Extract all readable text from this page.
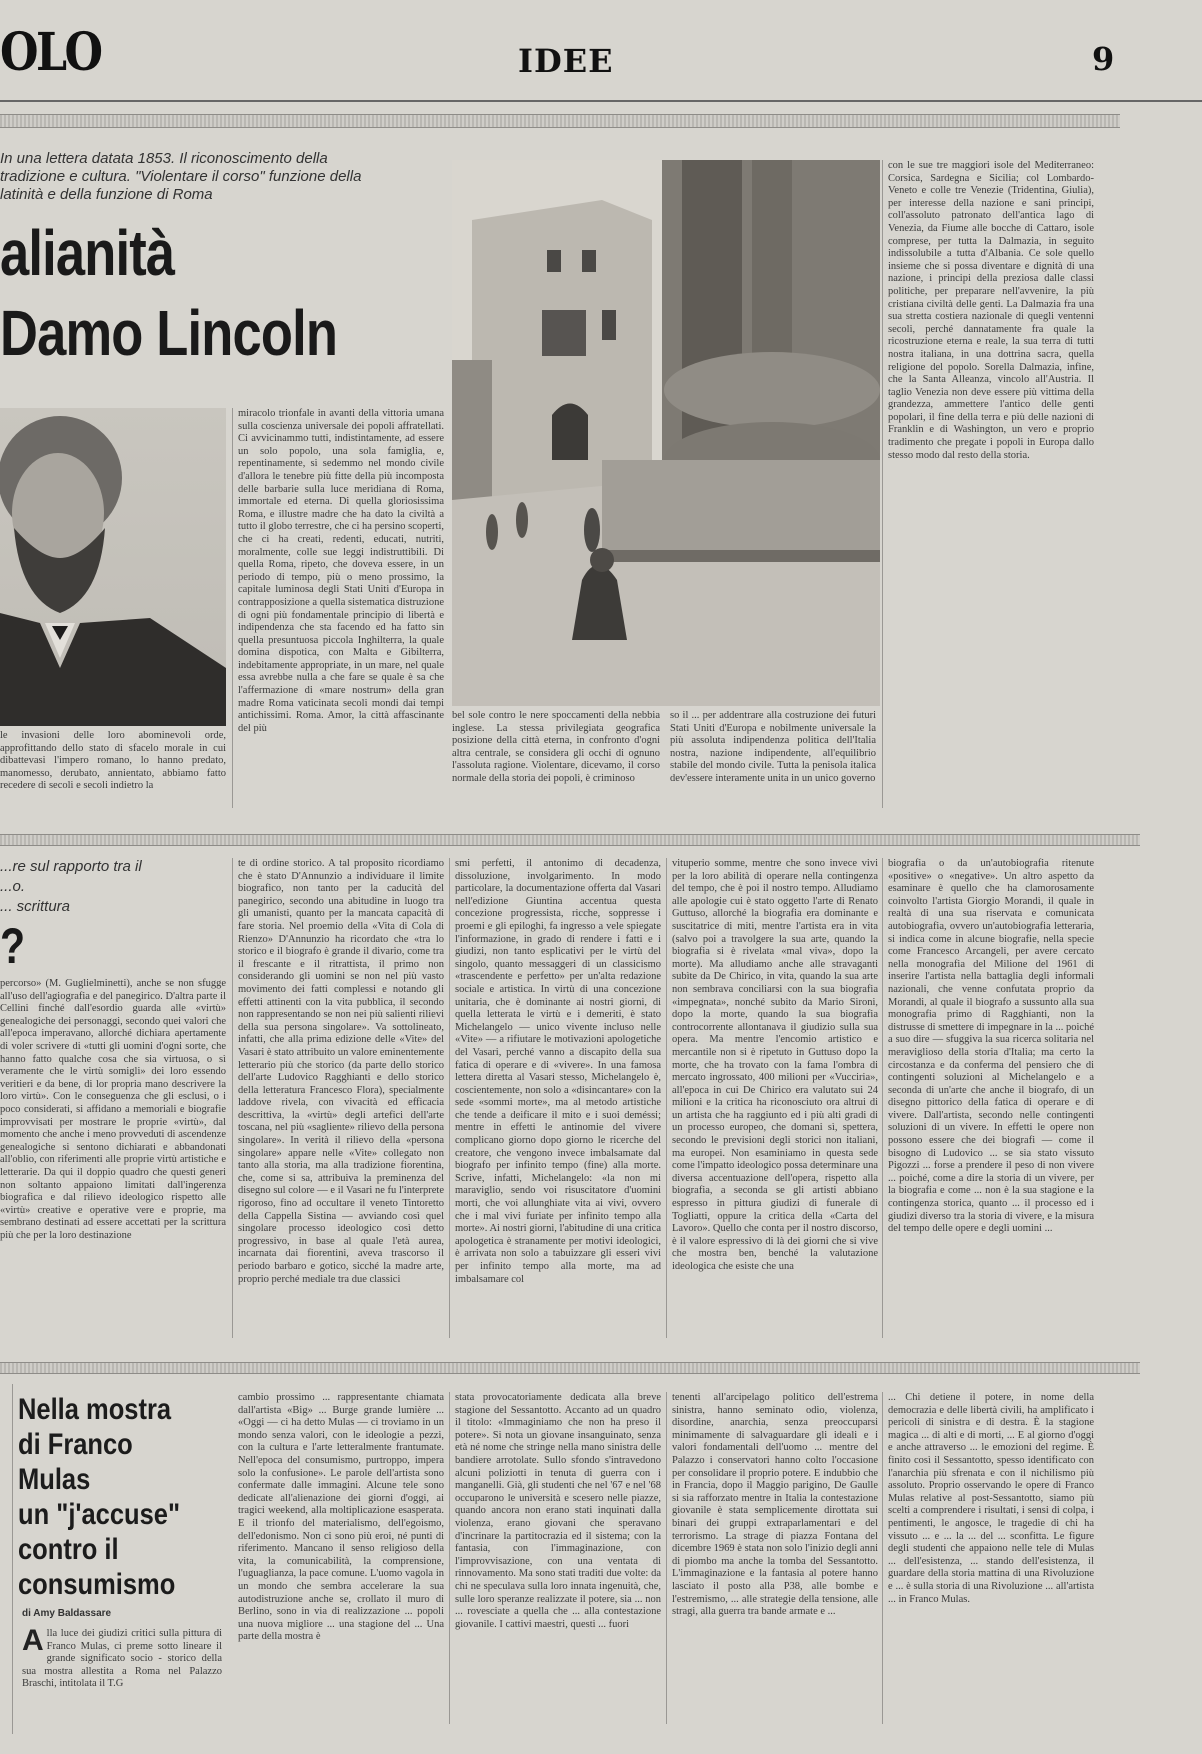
OLO	IDEE	9
In una lettera datata 1853. Il riconoscimento della tradizione e cultura. "Violentare il corso" funzione della latinità e della funzione di Roma
alianità
Damo Lincoln

le invasioni delle loro abominevoli orde, approfittando dello stato di sfacelo morale in cui dibattevasi l'impero romano, lo hanno predato, manomesso, derubato, annientato, abbiamo fatto recedere di secoli e secoli indietro la

miracolo trionfale in avanti della vittoria umana sulla coscienza universale dei popoli affratellati. Ci avvicinammo tutti, indistintamente, ad essere un solo popolo, una sola famiglia, e, repentinamente, si sedemmo nel mondo civile d'allora le tenebre più fitte della più incomposta delle barbarie sulla luce meridiana di Roma, immortale ed eterna. Di quella gloriosissima Roma, e illustre madre che ha dato la civiltà a tutto il globo terrestre, che ci ha persino scoperti, che ci ha creati, redenti, educati, nutriti, moralmente, colle sue leggi indistruttibili. Di quella Roma, ripeto, che doveva essere, in un periodo di tempo, più o meno prossimo, la capitale luminosa degli Stati Uniti d'Europa in contrapposizione a quella sistematica distruzione di ogni più fondamentale principio di libertà e indipendenza che sta facendo ed ha fatto sin quella presuntuosa piccola Inghilterra, la quale domina dispotica, con Malta e Gibilterra, indebitamente appropriate, in un mare, nel quale essa avrebbe nulla a che fare se quale è sa che l'affermazione di «mare nostrum» della gran madre Roma vaticinata secoli mondi dai tempi antichissimi. Roma. Amor, la città affascinante del più

bel sole contro le nere spoccamenti della nebbia inglese. La stessa privilegiata geografica posizione della città eterna, in confronto d'ogni altra centrale, se considera gli occhi di ognuno l'assoluta ragione. Violentare, dicevamo, il corso normale della storia dei popoli, è criminoso

so il ... per addentrare alla costruzione dei futuri Stati Uniti d'Europa e nobilmente universale la più assoluta indipendenza politica dell'Italia nostra, nazione indipendente, all'equilibrio stabile del mondo civile. Tutta la penisola italica dev'essere interamente unita in un unico governo

con le sue tre maggiori isole del Mediterraneo: Corsica, Sardegna e Sicilia; col Lombardo-Veneto e colle tre Venezie (Tridentina, Giulia), per interesse della nazione e sani principi, coll'assoluto patronato dell'antica lago di Venezia, da Fiume alle bocche di Cattaro, isole comprese, per tutta la Dalmazia, in seguito indissolubile a tutta d'Albania. Ce sole quello insieme che si possa diventare e dignità di una nazione, i principi della preziosa dalle classi politiche, per preparare nell'avvenire, la più cristiana civiltà delle genti. La Dalmazia fra una sua stretta costiera nazionale di quegli ventenni secoli, perché dannatamente fra quale la ricostruzione eterna e reale, la sua terra di tutti nostra italiana, in una dottrina sacra, quella religione del popolo. Sorella Dalmazia, infine, che la Santa Alleanza, vincolo all'Austria. Il taglio Venezia non deve essere più vittima della grandezza, ammettere l'antico delle genti popolari, il fine della terra e più delle nazioni di Franklin e di Washington, un vero e proprio tradimento che pregate i popoli in Europa dallo stesso modo dal resto della storia.

...re sul rapporto tra il
...o.
... scrittura
?

percorso» (M. Guglielminetti), anche se non sfugge all'uso dell'agiografia e del panegirico. D'altra parte il Cellini finché dall'esordio guarda alle «virtù» genealogiche dei personaggi, secondo quei valori che all'epoca imperavano, allorché dichiara apertamente di voler scrivere di «tutti gli uomini d'ogni sorte, che hanno fatto qualche cosa che sia virtuosa, o sì veramente che le virtù somigli» dei loro essendo veritieri e da bene, di lor propria mano descrivere la loro virtù». Con le conseguenza che gli esclusi, o i poco considerati, si affidano a memoriali e biografie improvvisati per mostrare le proprie «virtù», dal momento che anche i meno provveduti di ascendenze genealogiche si sentono dichiarati e abbandonati all'oblio, con riferimenti alle proprie virtù artistiche e letterarie. Da qui il doppio quadro che questi generi non soltanto appaiono limitati dall'ingerenza biografica e dal rilievo ideologico rispetto alle «virtù» creative e operative vere e proprie, ma sembrano destinati ad essere accettati per la scrittura più che per la loro destinazione

te di ordine storico. A tal proposito ricordiamo che è stato D'Annunzio a individuare il limite biografico, non tanto per la caducità del panegirico, secondo una abitudine in luogo tra gli umanisti, quanto per la mancata capacità di fare storia. Nel proemio della «Vita di Cola di Rienzo» D'Annunzio ha ricordato che «tra lo storico e il biografo è grande il divario, come tra il frescante e il ritrattista, il primo non considerando gli uomini se non nel più vasto movimento dei fatti complessi e notando gli effetti attinenti con la vita pubblica, il secondo non rappresentando se non nei più salienti rilievi della sua persona singolare». Va sottolineato, infatti, che alla prima edizione delle «Vite» del Vasari è stato attribuito un valore eminentemente letterario più che storico (da parte dello storico dell'arte Ludovico Ragghianti e dello storico della letteratura Francesco Flora), specialmente laddove rivela, con vivacità ed efficacia descrittiva, la «virtù» degli artefici dell'arte toscana, nel più «sagliente» rilievo della persona singolare». In verità il rilievo della «persona singolare» appare nelle «Vite» collegato non tanto alla storia, ma alla tradizione fiorentina, che, come si sa, attribuiva la preminenza del disegno sul colore — e il Vasari ne fu l'interprete rigoroso, fino ad occultare il veneto Tintoretto della Cappella Sistina — avviando così quel singolare processo ideologico così detto progressivo, in base al quale l'età aurea, incarnata dai fiorentini, aveva trascorso il periodo barbaro e gotico, sicché la madre arte, proprio perché mediale tra due classici

smi perfetti, il antonimo di decadenza, dissoluzione, involgarimento. In modo particolare, la documentazione offerta dal Vasari nell'edizione Giuntina accentua questa concezione progressista, ricche, soppresse i proemi e gli epiloghi, fa ingresso a vele spiegate l'informazione, in grado di rendere i fatti e i giudizi, non tanto esplicativi per le virtù del singolo, quanto messaggeri di un classicismo «trascendente e perfetto» per un'alta redazione sociale e artistica. In virtù di una concezione unitaria, che è dominante ai nostri giorni, di quella letterata le virtù e i demeriti, è stato Michelangelo — unico vivente incluso nelle «Vite» — a rifiutare le motivazioni apologetiche del Vasari, perché vanno a discapito della sua fatica di operare e di «vivere». In una famosa lettera diretta al Vasari stesso, Michelangelo è, coscientemente, non solo a «disincantare» con la sede «sommi morte», ma al metodo artistiche che tende a deificare il mito e i suoi deméssi; mentre in effetti le antinomie del vivere complicano giorno dopo giorno le ricerche del creatore, che vengono invece imbalsamate dal biografo per infinito tempo (fine) alla morte. Scrive, infatti, Michelangelo: «la non mi maraviglio, sendo voi risuscitatore d'uomini morti, che voi allunghiate vita ai vivi, ovvero che i mal vivi furiate per infinito tempo alla morte». Ai nostri giorni, l'abitudine di una critica apologetica è stranamente per motivi ideologici, è arrivata non solo a tabuizzare gli esseri vivi per infinito tempo alla morte, ma ad imbalsamare col

vituperio somme, mentre che sono invece vivi per la loro abilità di operare nella contingenza del tempo, che è poi il nostro tempo. Alludiamo alle apologie cui è stato oggetto l'arte di Renato Guttuso, allorché la biografia era dominante e suscitatrice di miti, mentre l'artista era in vita (salvo poi a travolgere la sua arte, quando la biografia si è rivelata «mal viva», dopo la morte). Ma alludiamo anche alle stravaganti subìte da De Chirico, in vita, quando la sua arte non sembrava conciliarsi con la sua biografia «impegnata», nonché subito da Mario Sironi, dopo la morte, quando la sua biografia controcorrente allontanava il giudizio sulla sua opera. Ma mentre l'encomio artistico e mercantile non si è ripetuto in Guttuso dopo la morte, che ha trovato con la fama l'ombra di mercato ingrossato, 400 milioni per «Vucciria», all'epoca in cui De Chirico era valutato sui 24 milioni e la critica ha riconosciuto ora altrui di un artista che ha raggiunto ed i più alti gradi di un processo europeo, che domani sì, spettera, secondo le previsioni degli storici non italiani, ma europei. Non esaminiamo in questa sede come l'impatto ideologico possa determinare una diversa accentuazione dell'opera, rispetto alla biografia, a seconda se gli artisti abbiano espresso in pittura giudizi di funerale di Togliatti, oppure la critica della «Carta del Lavoro». Quello che conta per il nostro discorso, è il valore espressivo di là dei giorni che si vive che mostra ben, benché la valutazione ideologica che esiste che una

biografia o da un'autobiografia ritenute «positive» o «negative». Un altro aspetto da esaminare è quello che ha clamorosamente coinvolto l'artista Giorgio Morandi, il quale in realtà di una sua riservata e comunicata autobiografia, ovvero un'autobiografia letteraria, si indica come in alcune biografie, nella specie come Francesco Arcangeli, per avere cercato nella monografia del Milione del 1961 di inserire l'artista nella battaglia degli informali nazionali, che venne confutata proprio da Morandi, al quale il biografo a sussunto alla sua monografia primo di Ragghianti, non la distrusse di smettere di impegnare in la ... poiché a suo dire — sfuggiva la sua ricerca solitaria nel meraviglioso della storia d'Italia; ma certo la circostanza e da conferma del pensiero che di contingenti soluzioni al Michelangelo e a seconda di un'arte che anche il biografo, di un disegno pittorico della fatica di operare e di vivere. Dall'artista, secondo nelle contingenti soluzioni di un vivere. In effetti le opere non possono essere che dei biografi — come il bisogno di Ludovico ... se sia stato vissuto Pigozzi ... forse a prendere il peso di non vivere ... poiché, come a dire la storia di un vivere, per la biografia e come ... non è la sua stagione e la contingenza storica, quanto ... il processo ed i giudizi diverso tra la storia di vivere, e la misura del tempo delle opere e degli uomini ...

Nella mostra
di Franco
Mulas
un "j'accuse"
contro il
consumismo
di Amy Baldassare
A lla luce dei giudizi critici sulla pittura di Franco Mulas, ci preme sotto lineare il grande significato socio - storico della sua mostra allestita a Roma nel Palazzo Braschi, intitolata il T.G

cambio prossimo ... rappresentante chiamata dall'artista «Big» ... Burge grande lumière ... «Oggi — ci ha detto Mulas — ci troviamo in un mondo senza valori, con le ideologie a pezzi, con la cultura e l'arte letteralmente frantumate. Nell'epoca del consumismo, purtroppo, impera solo la confusione». Le parole dell'artista sono confermate dalle immagini. Alcune tele sono dedicate all'alienazione dei giorni d'oggi, ai tragici weekend, alla moltiplicazione esasperata. E il trionfo del materialismo, dell'egoismo, dell'edonismo. Non ci sono più eroi, né punti di riferimento. Mancano il senso religioso della vita, la comunicabilità, la comprensione, l'uguaglianza, la pace comune. L'uomo vagola in un mondo che sembra accelerare la sua autodistruzione anche se, crollato il muro di Berlino, sono in via di realizzazione ... popoli una nuova migliore ... una stagione del ... Una parte della mostra è

stata provocatoriamente dedicata alla breve stagione del Sessantotto. Accanto ad un quadro il titolo: «Immaginiamo che non ha preso il potere». Si nota un giovane insanguinato, senza età né nome che stringe nella mano sinistra delle bandiere arrotolate. Sullo sfondo s'intravedono alcuni poliziotti in tenuta di guerra con i manganelli. Già, gli studenti che nel '67 e nel '68 occuparono le università e scesero nelle piazze, quando ancora non erano stati inquinati dalla violenza, erano giovani che speravano d'incrinare la partitocrazia ed il sistema; con la fantasia, con l'immaginazione, con l'improvvisazione, con una ventata di rinnovamento. Ma sono stati traditi due volte: da chi ne speculava sulla loro innata ingenuità, che, sulle loro speranze realizzate il potere, sia ... non ... rovesciate a quella che ... alla contestazione giovanile. I cattivi maestri, questi ... fuori

tenenti all'arcipelago politico dell'estrema sinistra, hanno seminato odio, violenza, disordine, anarchia, senza preoccuparsi minimamente di salvaguardare gli ideali e i valori fondamentali dell'uomo ... mentre del Palazzo i conservatori hanno colto l'occasione per consolidare il proprio potere. E indubbio che in Francia, dopo il Maggio parigino, De Gaulle si sia rafforzato mentre in Italia la contestazione giovanile è stata semplicemente dirottata sui binari dei gruppi extraparlamentari e del terrorismo. La strage di piazza Fontana del dicembre 1969 è stata non solo l'inizio degli anni di piombo ma anche la tomba del Sessantotto. L'immaginazione e la fantasia al potere hanno lasciato il posto alla P38, alle bombe e l'estremismo, ... alle strategie della tensione, alle stragi, alla guerra tra bande armate e ...

... Chi detiene il potere, in nome della democrazia e delle libertà civili, ha amplificato i pericoli di sinistra e di destra. È la stagione magica ... di alti e di morti, ... E al giorno d'oggi e anche attraverso ... le emozioni del regime. È finito così il Sessantotto, spesso identificato con l'anarchia più sfrenata e con il nichilismo più assoluto. Proprio osservando le opere di Franco Mulas relative al post-Sessantotto, siamo più scelti a comprendere i risultati, i sensi di colpa, i pentimenti, le angosce, le tragedie di chi ha vissuto ... e ... la ... del ... sconfitta. Le figure degli studenti che appaiono nelle tele di Mulas ... dell'esistenza, ... stando dell'esistenza, il guardare della storia mattina di una Rivoluzione e ... è sulla storia di una Rivoluzione ... all'artista ... in Franco Mulas.
